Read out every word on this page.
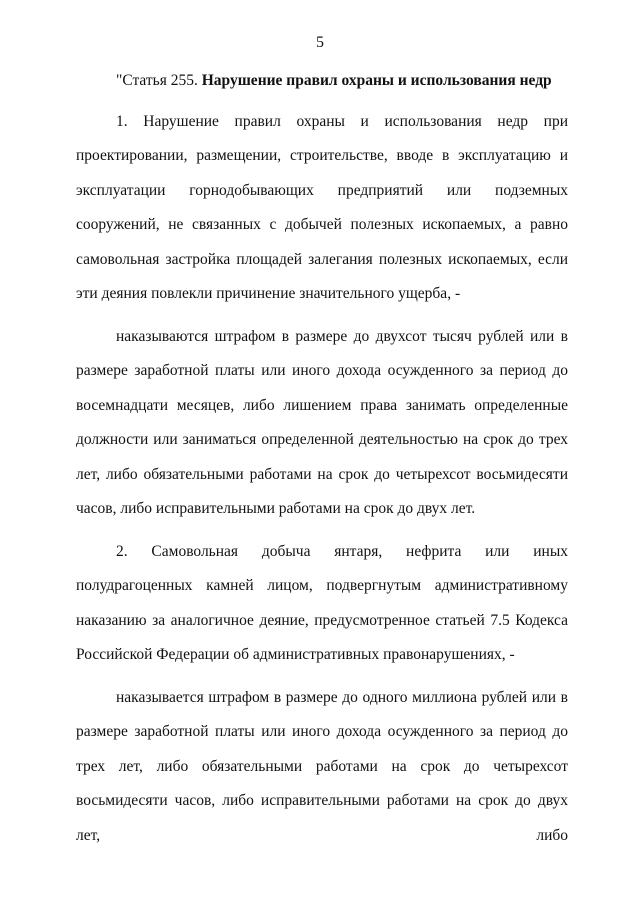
5

"Статья 255. Нарушение правил охраны и использования недр

1. Нарушение правил охраны и использования недр при проектировании, размещении, строительстве, вводе в эксплуатацию и эксплуатации горнодобывающих предприятий или подземных сооружений, не связанных с добычей полезных ископаемых, а равно самовольная застройка площадей залегания полезных ископаемых, если эти деяния повлекли причинение значительного ущерба, -

наказываются штрафом в размере до двухсот тысяч рублей или в размере заработной платы или иного дохода осужденного за период до восемнадцати месяцев, либо лишением права занимать определенные должности или заниматься определенной деятельностью на срок до трех лет, либо обязательными работами на срок до четырехсот восьмидесяти часов, либо исправительными работами на срок до двух лет.

2. Самовольная добыча янтаря, нефрита или иных полудрагоценных камней лицом, подвергнутым административному наказанию за аналогичное деяние, предусмотренное статьей 7.5 Кодекса Российской Федерации об административных правонарушениях, -

наказывается штрафом в размере до одного миллиона рублей или в размере заработной платы или иного дохода осужденного за период до трех лет, либо обязательными работами на срок до четырехсот восьмидесяти часов, либо исправительными работами на срок до двух лет, либо
